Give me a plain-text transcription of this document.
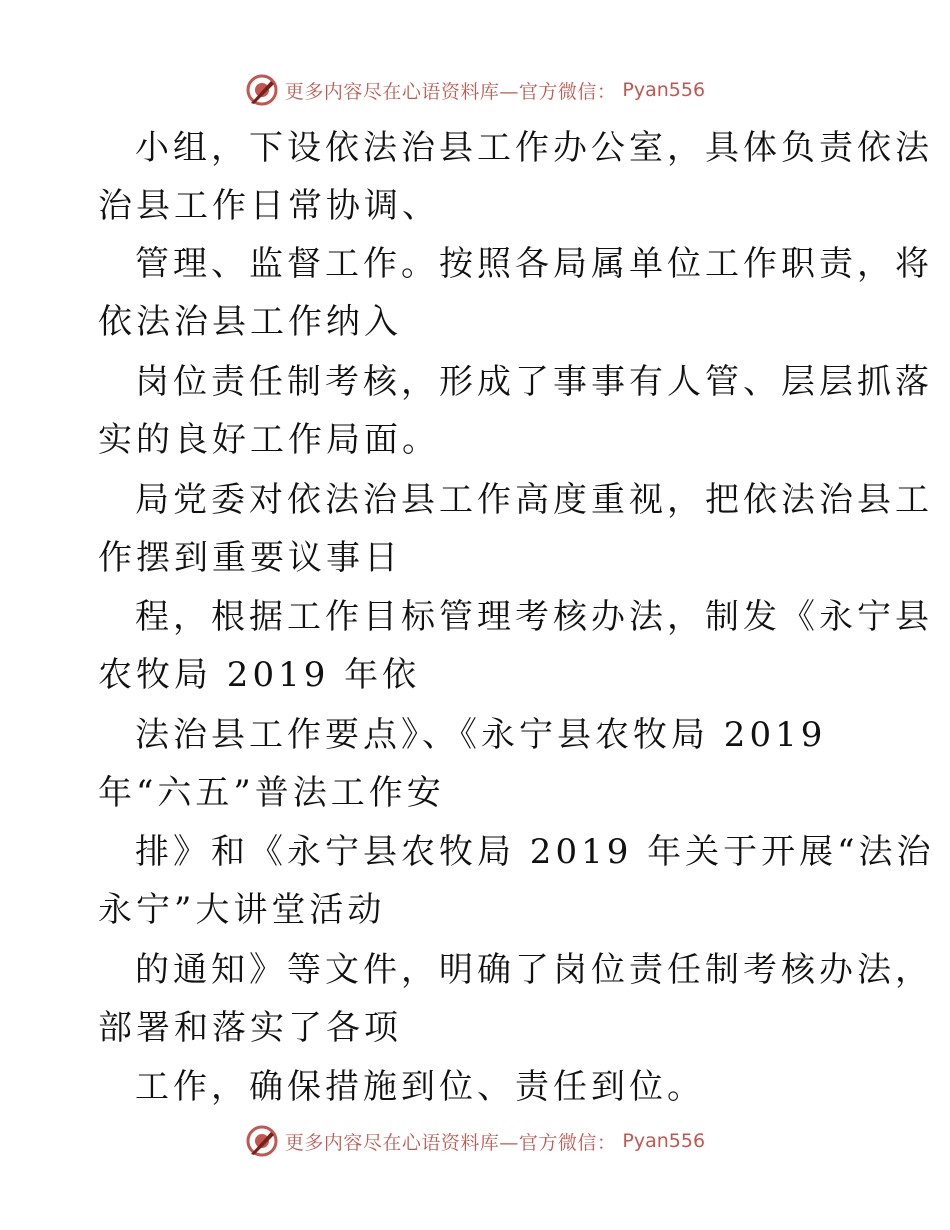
更多内容尽在心语资料库—官方微信： Pyan556
小组，下设依法治县工作办公室，具体负责依法
治县工作日常协调、
管理、监督工作。按照各局属单位工作职责，将
依法治县工作纳入
岗位责任制考核，形成了事事有人管、层层抓落
实的良好工作局面。
局党委对依法治县工作高度重视，把依法治县工
作摆到重要议事日
程，根据工作目标管理考核办法，制发《永宁县
农牧局 2019 年依
法治县工作要点》、《永宁县农牧局 2019
年“六五”普法工作安
排》和《永宁县农牧局 2019 年关于开展“法治
永宁”大讲堂活动
的通知》等文件，明确了岗位责任制考核办法，
部署和落实了各项
工作，确保措施到位、责任到位。
更多内容尽在心语资料库—官方微信： Pyan556
